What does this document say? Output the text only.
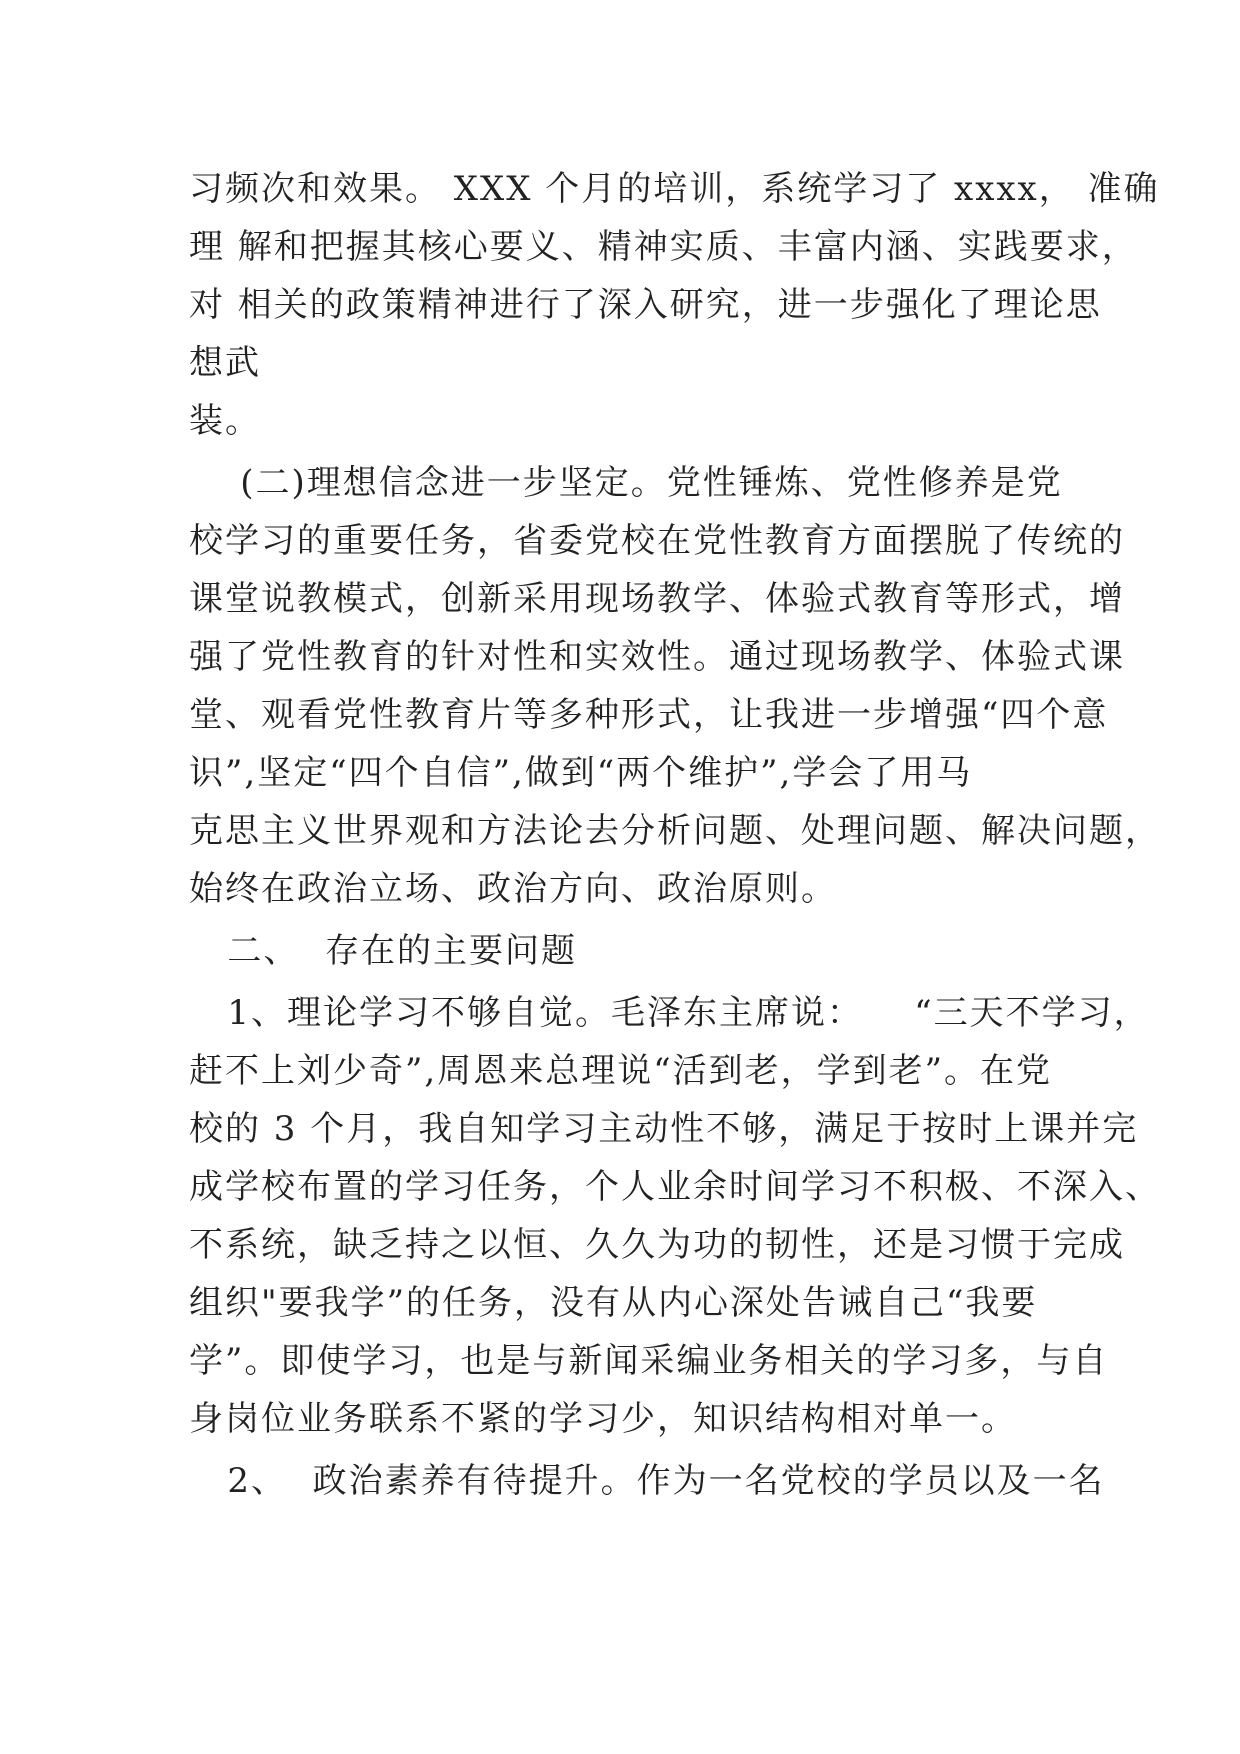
习频次和效果。 XXX 个月的培训，系统学习了 xxxx， 准确
理 解和把握其核心要义、精神实质、丰富内涵、实践要求，
对 相关的政策精神进行了深入研究，进一步强化了理论思
想武
装。
(二)理想信念进一步坚定。党性锤炼、党性修养是党
校学习的重要任务，省委党校在党性教育方面摆脱了传统的
课堂说教模式，创新采用现场教学、体验式教育等形式，增
强了党性教育的针对性和实效性。通过现场教学、体验式课
堂、观看党性教育片等多种形式，让我进一步增强“四个意
识”,坚定“四个自信”,做到“两个维护”,学会了用马
克思主义世界观和方法论去分析问题、处理问题、解决问题，
始终在政治立场、政治方向、政治原则。
二、  存在的主要问题
1、理论学习不够自觉。毛泽东主席说：    “三天不学习，
赶不上刘少奇”,周恩来总理说“活到老，学到老”。在党
校的 3 个月，我自知学习主动性不够，满足于按时上课并完
成学校布置的学习任务，个人业余时间学习不积极、不深入、
不系统，缺乏持之以恒、久久为功的韧性，还是习惯于完成
组织"要我学”的任务，没有从内心深处告诫自己“我要
学”。即使学习，也是与新闻采编业务相关的学习多，与自
身岗位业务联系不紧的学习少，知识结构相对单一。
2、  政治素养有待提升。作为一名党校的学员以及一名
